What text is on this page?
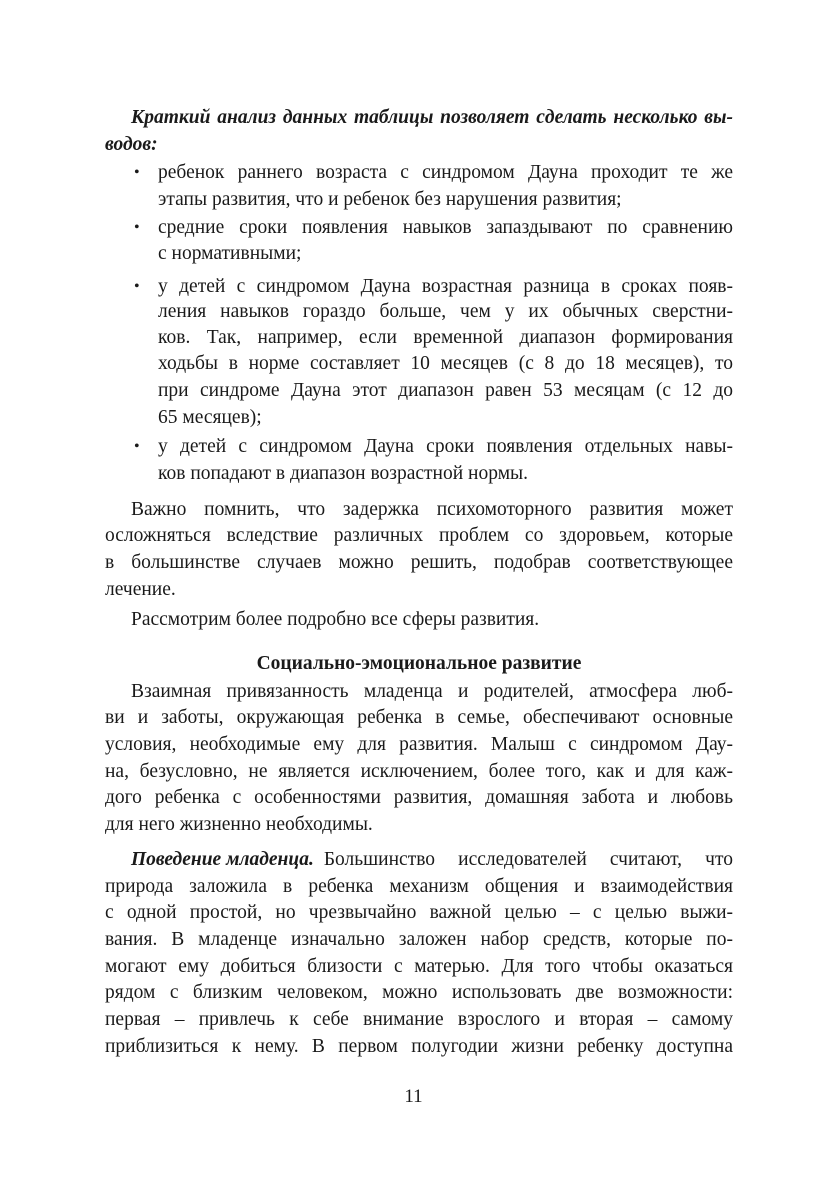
Краткий анализ данных таблицы позволяет сделать несколько вы-
водов:
• ребенок раннего возраста с синдромом Дауна проходит те же
этапы развития, что и ребенок без нарушения развития;
• средние сроки появления навыков запаздывают по сравнению
с нормативными;
• у детей с синдромом Дауна возрастная разница в сроках появ-
ления навыков гораздо больше, чем у их обычных сверстни-
ков. Так, например, если временной диапазон формирования
ходьбы в норме составляет 10 месяцев (с 8 до 18 месяцев), то
при синдроме Дауна этот диапазон равен 53 месяцам (с 12 до
65 месяцев);
• у детей с синдромом Дауна сроки появления отдельных навы-
ков попадают в диапазон возрастной нормы.
Важно помнить, что задержка психомоторного развития может
осложняться вследствие различных проблем со здоровьем, которые
в большинстве случаев можно решить, подобрав соответствующее
лечение.
Рассмотрим более подробно все сферы развития.
Социально-эмоциональное развитие
Взаимная привязанность младенца и родителей, атмосфера люб-
ви и заботы, окружающая ребенка в семье, обеспечивают основные
условия, необходимые ему для развития. Малыш с синдромом Дау-
на, безусловно, не является исключением, более того, как и для каж-
дого ребенка с особенностями развития, домашняя забота и любовь
для него жизненно необходимы.
Поведение младенца. Большинство исследователей считают, что
природа заложила в ребенка механизм общения и взаимодействия
с одной простой, но чрезвычайно важной целью – с целью выжи-
вания. В младенце изначально заложен набор средств, которые по-
могают ему добиться близости с матерью. Для того чтобы оказаться
рядом с близким человеком, можно использовать две возможности:
первая – привлечь к себе внимание взрослого и вторая – самому
приблизиться к нему. В первом полугодии жизни ребенку доступна
11
